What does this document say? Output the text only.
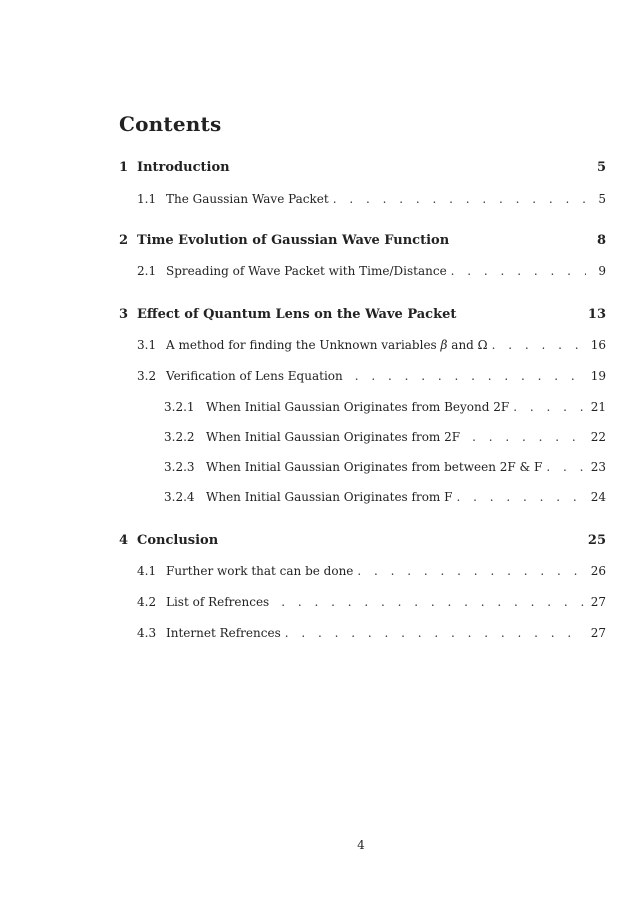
Contents
1 Introduction	5
1.1 The Gaussian Wave Packet . . .	5
2 Time Evolution of Gaussian Wave Function	8
2.1 Spreading of Wave Packet with Time/Distance . . .	9
3 Effect of Quantum Lens on the Wave Packet	13
3.1 A method for finding the Unknown variables β and Ω . . .	16
3.2 Verification of Lens Equation . . .	19
3.2.1 When Initial Gaussian Originates from Beyond 2F . . .	21
3.2.2 When Initial Gaussian Originates from 2F . . .	22
3.2.3 When Initial Gaussian Originates from between 2F & F . . .	23
3.2.4 When Initial Gaussian Originates from F . . .	24
4 Conclusion	25
4.1 Further work that can be done . . .	26
4.2 List of Refrences . . .	27
4.3 Internet Refrences . . .	27
4
